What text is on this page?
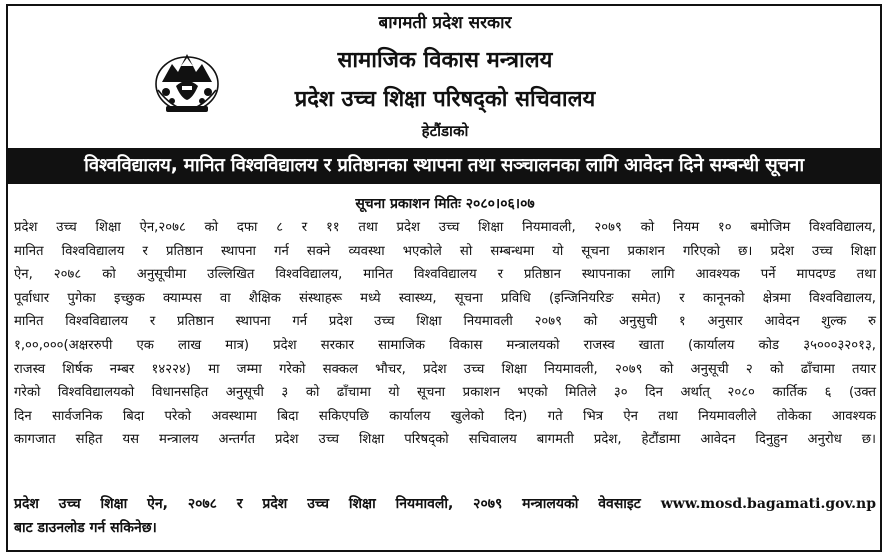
बागमती प्रदेश सरकार
सामाजिक विकास मन्त्रालय
प्रदेश उच्च शिक्षा परिषद्को सचिवालय
हेटौंडाको
विश्वविद्यालय, मानित विश्वविद्यालय र प्रतिष्ठानका स्थापना तथा सञ्चालनका लागि आवेदन दिने सम्बन्धी सूचना
सूचना प्रकाशन मितिः २०८०।०६।०७
प्रदेश उच्च शिक्षा ऐन,२०७८ को दफा ८ र ११ तथा प्रदेश उच्च शिक्षा नियमावली, २०७९ को नियम १० बमोजिम विश्वविद्यालय,
मानित विश्वविद्यालय र प्रतिष्ठान स्थापना गर्न सक्ने व्यवस्था भएकोले सो सम्बन्धमा यो सूचना प्रकाशन गरिएको छ। प्रदेश उच्च शिक्षा
ऐन, २०७८ को अनुसूचीमा उल्लिखित विश्वविद्यालय, मानित विश्वविद्यालय र प्रतिष्ठान स्थापनाका लागि आवश्यक पर्ने मापदण्ड तथा
पूर्वाधार पुगेका इच्छुक क्याम्पस वा शैक्षिक संस्थाहरू मध्ये स्वास्थ्य, सूचना प्रविधि (इन्जिनियरिङ समेत) र कानूनको क्षेत्रमा विश्वविद्यालय,
मानित विश्वविद्यालय र प्रतिष्ठान स्थापना गर्न प्रदेश उच्च शिक्षा नियमावली २०७९ को अनुसुची १ अनुसार आवेदन शुल्क रु
१,००,०००(अक्षररुपी एक लाख मात्र) प्रदेश सरकार सामाजिक विकास मन्त्रालयको राजस्व खाता (कार्यालय कोड ३५०००३२०१३,
राजस्व शिर्षक नम्बर १४२२४) मा जम्मा गरेको सक्कल भौचर, प्रदेश उच्च शिक्षा नियमावली, २०७९ को अनुसूची २ को ढाँचामा तयार
गरेको विश्वविद्यालयको विधानसहित अनुसूची ३ को ढाँचामा यो सूचना प्रकाशन भएको मितिले ३० दिन अर्थात् २०८० कार्तिक ६ (उक्त
दिन सार्वजनिक बिदा परेको अवस्थामा बिदा सकिएपछि कार्यालय खुलेको दिन) गते भित्र ऐन तथा नियमावलीले तोकेका आवश्यक
कागजात सहित यस मन्त्रालय अन्तर्गत प्रदेश उच्च शिक्षा परिषद्को सचिवालय बागमती प्रदेश, हेटौंडामा आवेदन दिनुहुन अनुरोध छ।
प्रदेश उच्च शिक्षा ऐन, २०७८ र प्रदेश उच्च शिक्षा नियमावली, २०७९ मन्त्रालयको वेवसाइट www.mosd.bagamati.gov.np
बाट डाउनलोड गर्न सकिनेछ।
